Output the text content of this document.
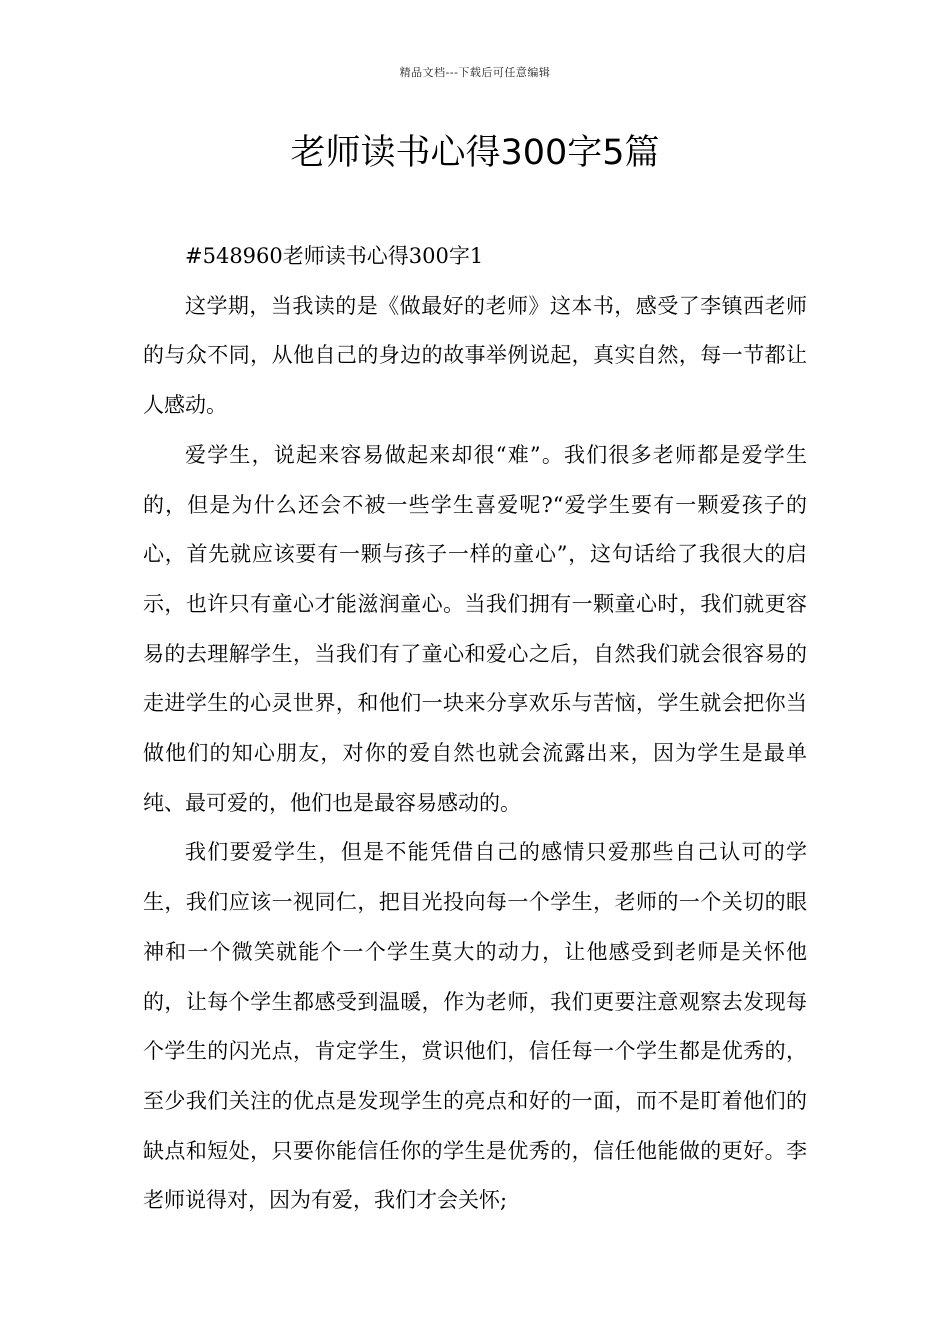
精品文档---下载后可任意编辑
老师读书心得300字5篇

#548960老师读书心得300字1

这学期，当我读的是《做最好的老师》这本书，感受了李镇西老师的与众不同，从他自己的身边的故事举例说起，真实自然，每一节都让人感动。

爱学生，说起来容易做起来却很“难”。我们很多老师都是爱学生的，但是为什么还会不被一些学生喜爱呢?“爱学生要有一颗爱孩子的心，首先就应该要有一颗与孩子一样的童心”，这句话给了我很大的启示，也许只有童心才能滋润童心。当我们拥有一颗童心时，我们就更容易的去理解学生，当我们有了童心和爱心之后，自然我们就会很容易的走进学生的心灵世界，和他们一块来分享欢乐与苦恼，学生就会把你当做他们的知心朋友，对你的爱自然也就会流露出来，因为学生是最单纯、最可爱的，他们也是最容易感动的。

我们要爱学生，但是不能凭借自己的感情只爱那些自己认可的学生，我们应该一视同仁，把目光投向每一个学生，老师的一个关切的眼神和一个微笑就能个一个学生莫大的动力，让他感受到老师是关怀他的，让每个学生都感受到温暖，作为老师，我们更要注意观察去发现每个学生的闪光点，肯定学生，赏识他们，信任每一个学生都是优秀的，至少我们关注的优点是发现学生的亮点和好的一面，而不是盯着他们的缺点和短处，只要你能信任你的学生是优秀的，信任他能做的更好。李老师说得对，因为有爱，我们才会关怀;
